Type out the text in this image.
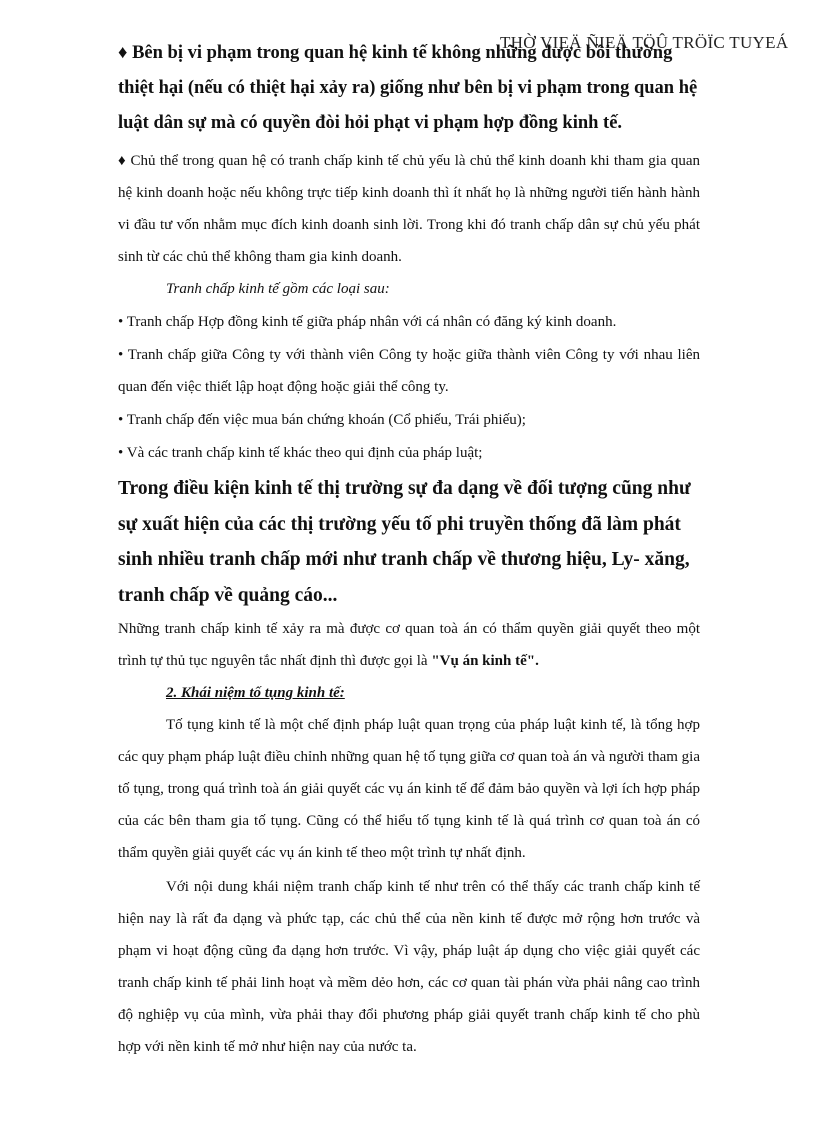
THỜ VIEÄ ÑIEÄ TÖÛ TRÖÏC TUYEÁ

♦ Bên bị vi phạm trong quan hệ kinh tế không những được bồi thường thiệt hại (nếu có thiệt hại xảy ra) giống như bên bị vi phạm trong quan hệ luật dân sự mà có quyền đòi hỏi phạt vi phạm hợp đồng kinh tế.

♦ Chủ thể trong quan hệ có tranh chấp kinh tế chủ yếu là chủ thể kinh doanh khi tham gia quan hệ kinh doanh hoặc nếu không trực tiếp kinh doanh thì ít nhất họ là những người tiến hành hành vi đầu tư vốn nhằm mục đích kinh doanh sinh lời. Trong khi đó tranh chấp dân sự chủ yếu phát sinh từ các chủ thể không tham gia kinh doanh.

Tranh chấp kinh tế gồm các loại sau:

• Tranh chấp Hợp đồng kinh tế giữa pháp nhân với cá nhân có đăng ký kinh doanh.

• Tranh chấp giữa Công ty với thành viên Công ty hoặc giữa thành viên Công ty với nhau liên quan đến việc thiết lập hoạt động hoặc giải thể công ty.

• Tranh chấp đến việc mua bán chứng khoán (Cổ phiếu, Trái phiếu);

• Và các tranh chấp kinh tế khác theo qui định của pháp luật;

Trong điều kiện kinh tế thị trường sự đa dạng về đối tượng cũng như sự xuất hiện của các thị trường yếu tố phi truyền thống đã làm phát sinh nhiều tranh chấp mới như tranh chấp về thương hiệu, Ly- xăng, tranh chấp về quảng cáo...

Những tranh chấp kinh tế xảy ra mà được cơ quan toà án có thẩm quyền giải quyết theo một trình tự thủ tục nguyên tắc nhất định thì được gọi là "Vụ án kinh tế".

2. Khái niệm tố tụng kinh tế:

Tố tụng kinh tế là một chế định pháp luật quan trọng của pháp luật kinh tế, là tổng hợp các quy phạm pháp luật điều chỉnh những quan hệ tố tụng giữa cơ quan toà án và người tham gia tố tụng, trong quá trình toà án giải quyết các vụ án kinh tế để đảm bảo quyền và lợi ích hợp pháp của các bên tham gia tố tụng. Cũng có thể hiểu tố tụng kinh tế là quá trình cơ quan toà án có thẩm quyền giải quyết các vụ án kinh tế theo một trình tự nhất định.

Với nội dung khái niệm tranh chấp kinh tế như trên có thể thấy các tranh chấp kinh tế hiện nay là rất đa dạng và phức tạp, các chủ thể của nền kinh tế được mở rộng hơn trước và phạm vi hoạt động cũng đa dạng hơn trước. Vì vậy, pháp luật áp dụng cho việc giải quyết các tranh chấp kinh tế phải linh hoạt và mềm dẻo hơn, các cơ quan tài phán vừa phải nâng cao trình độ nghiệp vụ của mình, vừa phải thay đổi phương pháp giải quyết tranh chấp kinh tế cho phù hợp với nền kinh tế mở như hiện nay của nước ta.
